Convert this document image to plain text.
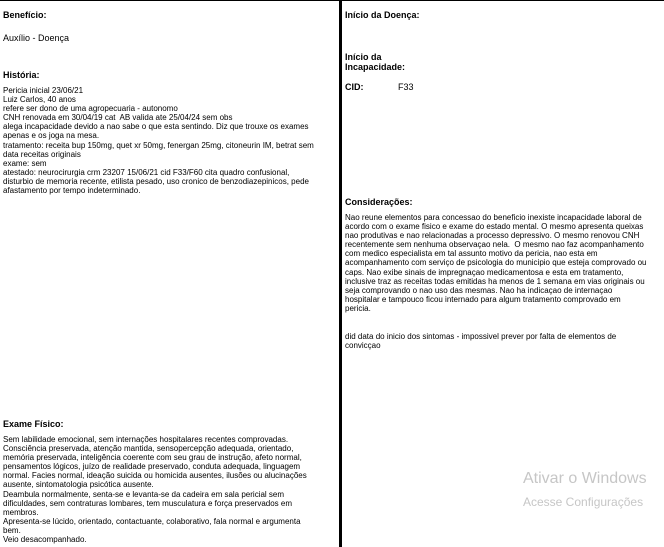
Benefício:
Auxílio - Doença
História:
Pericia inicial 23/06/21
Luiz Carlos, 40 anos
refere ser dono de uma agropecuaria - autonomo
CNH renovada em 30/04/19 cat  AB valida ate 25/04/24 sem obs
alega incapacidade devido a nao sabe o que esta sentindo. Diz que trouxe os exames
apenas e os joga na mesa.
tratamento: receita bup 150mg, quet xr 50mg, fenergan 25mg, citoneurin IM, betrat sem
data receitas originais
exame: sem
atestado: neurocirurgia crm 23207 15/06/21 cid F33/F60 cita quadro confusional,
disturbio de memoria recente, etilista pesado, uso cronico de benzodiazepinicos, pede
afastamento por tempo indeterminado.
Exame Físico:
Sem labilidade emocional, sem internações hospitalares recentes comprovadas.
Consciência preservada, atenção mantida, sensopercepção adequada, orientado,
memória preservada, inteligência coerente com seu grau de instrução, afeto normal,
pensamentos lógicos, juízo de realidade preservado, conduta adequada, linguagem
normal. Facies normal, ideação suicida ou homicida ausentes, ilusões ou alucinações
ausente, sintomatologia psicótica ausente.
Deambula normalmente, senta-se e levanta-se da cadeira em sala pericial sem
dificuldades, sem contraturas lombares, tem musculatura e força preservados em
membros.
Apresenta-se lúcido, orientado, contactuante, colaborativo, fala normal e argumenta
bem.
Veio desacompanhado.
Início da Doença:
Início da
Incapacidade:
CID:	F33
Considerações:
Nao reune elementos para concessao do beneficio inexiste incapacidade laboral de
acordo com o exame fisico e exame do estado mental. O mesmo apresenta queixas
nao produtivas e nao relacionadas a processo depressivo. O mesmo renovou CNH
recentemente sem nenhuma observaçao nela.  O mesmo nao faz acompanhamento
com medico especialista em tal assunto motivo da pericia, nao esta em
acompanhamento com serviço de psicologia do municipio que esteja comprovado ou
caps. Nao exibe sinais de impregnaçao medicamentosa e esta em tratamento,
inclusive traz as receitas todas emitidas ha menos de 1 semana em vias originais ou
seja comprovando o nao uso das mesmas. Nao ha indicaçao de internaçao
hospitalar e tampouco ficou internado para algum tratamento comprovado em
pericia.
did data do inicio dos sintomas - impossivel prever por falta de elementos de
convicçao
Ativar o Windows
Acesse Configurações
